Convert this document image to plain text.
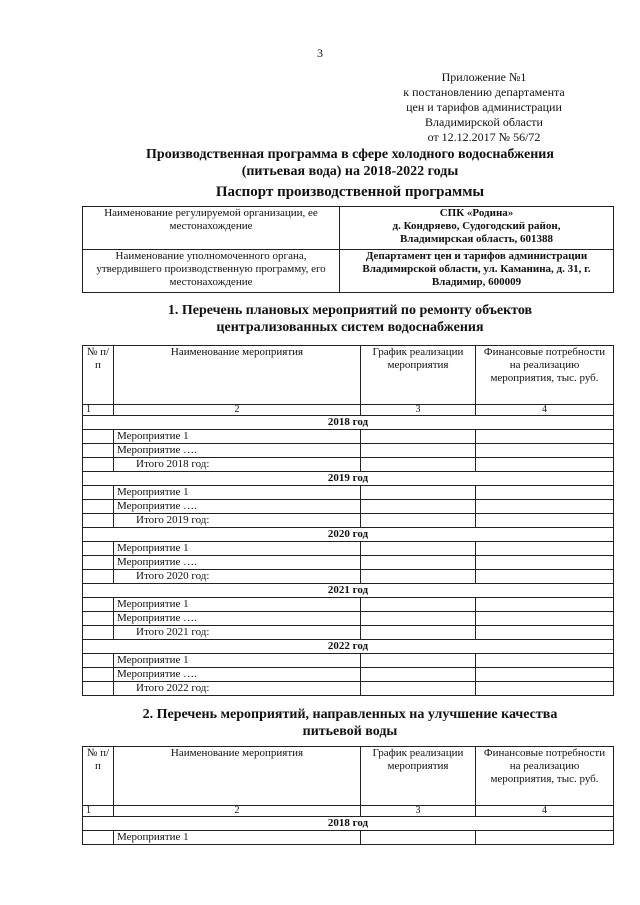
3
Приложение №1
к постановлению департамента
цен и тарифов администрации
Владимирской области
от 12.12.2017 № 56/72
Производственная программа в сфере холодного водоснабжения
(питьевая вода) на 2018-2022 годы
Паспорт производственной программы
Наименование регулируемой организации, ее местонахождение	СПК «Родина»
д. Кондряево, Судогодский район,
Владимирская область, 601388

Наименование уполномоченного органа, утвердившего производственную программу, его местонахождение	Департамент цен и тарифов администрации Владимирской области, ул. Каманина, д. 31, г. Владимир, 600009
1. Перечень плановых мероприятий по ремонту объектов
централизованных систем водоснабжения
№ п/п	Наименование мероприятия	График реализации мероприятия	Финансовые потребности на реализацию мероприятия, тыс. руб.
1	2	3	4
2018 год			
	Мероприятие 1		
	Мероприятие ….		
	Итого 2018 год:		
2019 год			
	Мероприятие 1		
	Мероприятие ….		
	Итого 2019 год:		
2020 год			
	Мероприятие 1		
	Мероприятие ….		
	Итого 2020 год:		
2021 год			
	Мероприятие 1		
	Мероприятие ….		
	Итого 2021 год:		
2022 год			
	Мероприятие 1		
	Мероприятие ….		
	Итого 2022 год:		
2. Перечень мероприятий, направленных на улучшение качества
питьевой воды
№ п/п	Наименование мероприятия	График реализации мероприятия	Финансовые потребности на реализацию мероприятия, тыс. руб.
1	2	3	4
2018 год			
	Мероприятие 1		
